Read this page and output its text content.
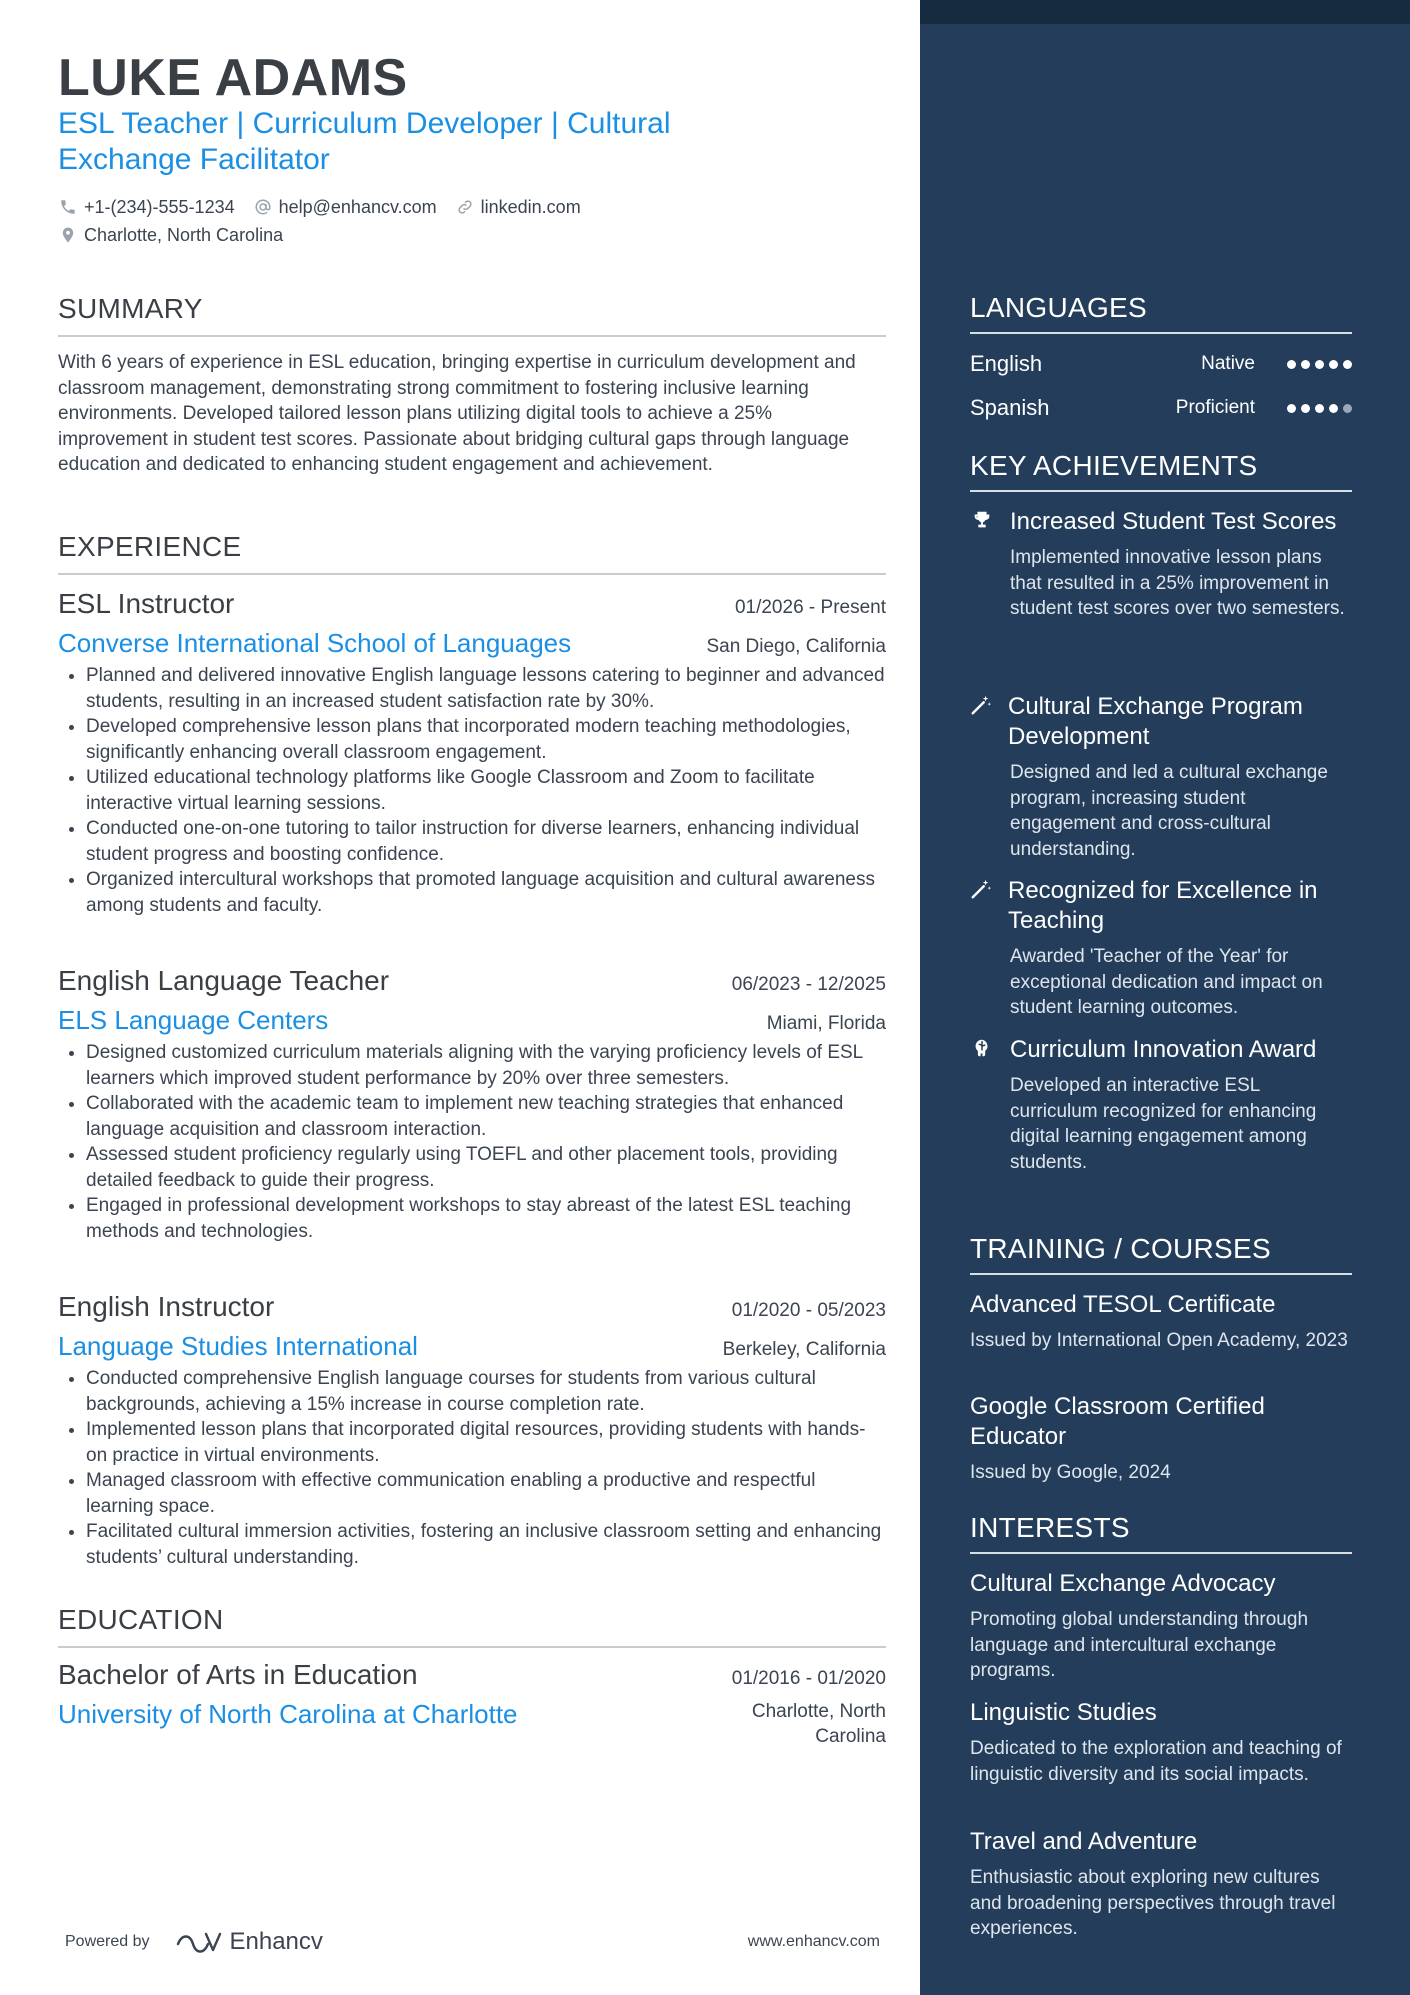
LUKE ADAMS

ESL Teacher | Curriculum Developer | Cultural Exchange Facilitator

+1-(234)-555-1234 help@enhancv.com linkedin.com
Charlotte, North Carolina
SUMMARY

With 6 years of experience in ESL education, bringing expertise in curriculum development and classroom management, demonstrating strong commitment to fostering inclusive learning environments. Developed tailored lesson plans utilizing digital tools to achieve a 25% improvement in student test scores. Passionate about bridging cultural gaps through language education and dedicated to enhancing student engagement and achievement.

EXPERIENCE
ESL Instructor	01/2026 - Present
Converse International School of Languages	San Diego, California
• Planned and delivered innovative English language lessons catering to beginner and advanced students, resulting in an increased student satisfaction rate by 30%.
• Developed comprehensive lesson plans that incorporated modern teaching methodologies, significantly enhancing overall classroom engagement.
• Utilized educational technology platforms like Google Classroom and Zoom to facilitate interactive virtual learning sessions.
• Conducted one-on-one tutoring to tailor instruction for diverse learners, enhancing individual student progress and boosting confidence.
• Organized intercultural workshops that promoted language acquisition and cultural awareness among students and faculty.
English Language Teacher	06/2023 - 12/2025
ELS Language Centers	Miami, Florida
• Designed customized curriculum materials aligning with the varying proficiency levels of ESL learners which improved student performance by 20% over three semesters.
• Collaborated with the academic team to implement new teaching strategies that enhanced language acquisition and classroom interaction.
• Assessed student proficiency regularly using TOEFL and other placement tools, providing detailed feedback to guide their progress.
• Engaged in professional development workshops to stay abreast of the latest ESL teaching methods and technologies.
English Instructor	01/2020 - 05/2023
Language Studies International	Berkeley, California
• Conducted comprehensive English language courses for students from various cultural backgrounds, achieving a 15% increase in course completion rate.
• Implemented lesson plans that incorporated digital resources, providing students with hands-on practice in virtual environments.
• Managed classroom with effective communication enabling a productive and respectful learning space.
• Facilitated cultural immersion activities, fostering an inclusive classroom setting and enhancing students’ cultural understanding.
EDUCATION
Bachelor of Arts in Education	01/2016 - 01/2020
University of North Carolina at Charlotte	Charlotte, North
Carolina
Powered by	Enhancv	www.enhancv.com
LANGUAGES
English	Native
Spanish	Proficient
KEY ACHIEVEMENTS
Increased Student Test Scores
Implemented innovative lesson plans that resulted in a 25% improvement in student test scores over two semesters.
Cultural Exchange Program Development
Designed and led a cultural exchange program, increasing student engagement and cross-cultural understanding.
Recognized for Excellence in Teaching
Awarded 'Teacher of the Year' for exceptional dedication and impact on student learning outcomes.
Curriculum Innovation Award
Developed an interactive ESL curriculum recognized for enhancing digital learning engagement among students.
TRAINING / COURSES
Advanced TESOL Certificate
Issued by International Open Academy, 2023
Google Classroom Certified Educator
Issued by Google, 2024
INTERESTS
Cultural Exchange Advocacy
Promoting global understanding through language and intercultural exchange programs.
Linguistic Studies
Dedicated to the exploration and teaching of linguistic diversity and its social impacts.
Travel and Adventure
Enthusiastic about exploring new cultures and broadening perspectives through travel experiences.
